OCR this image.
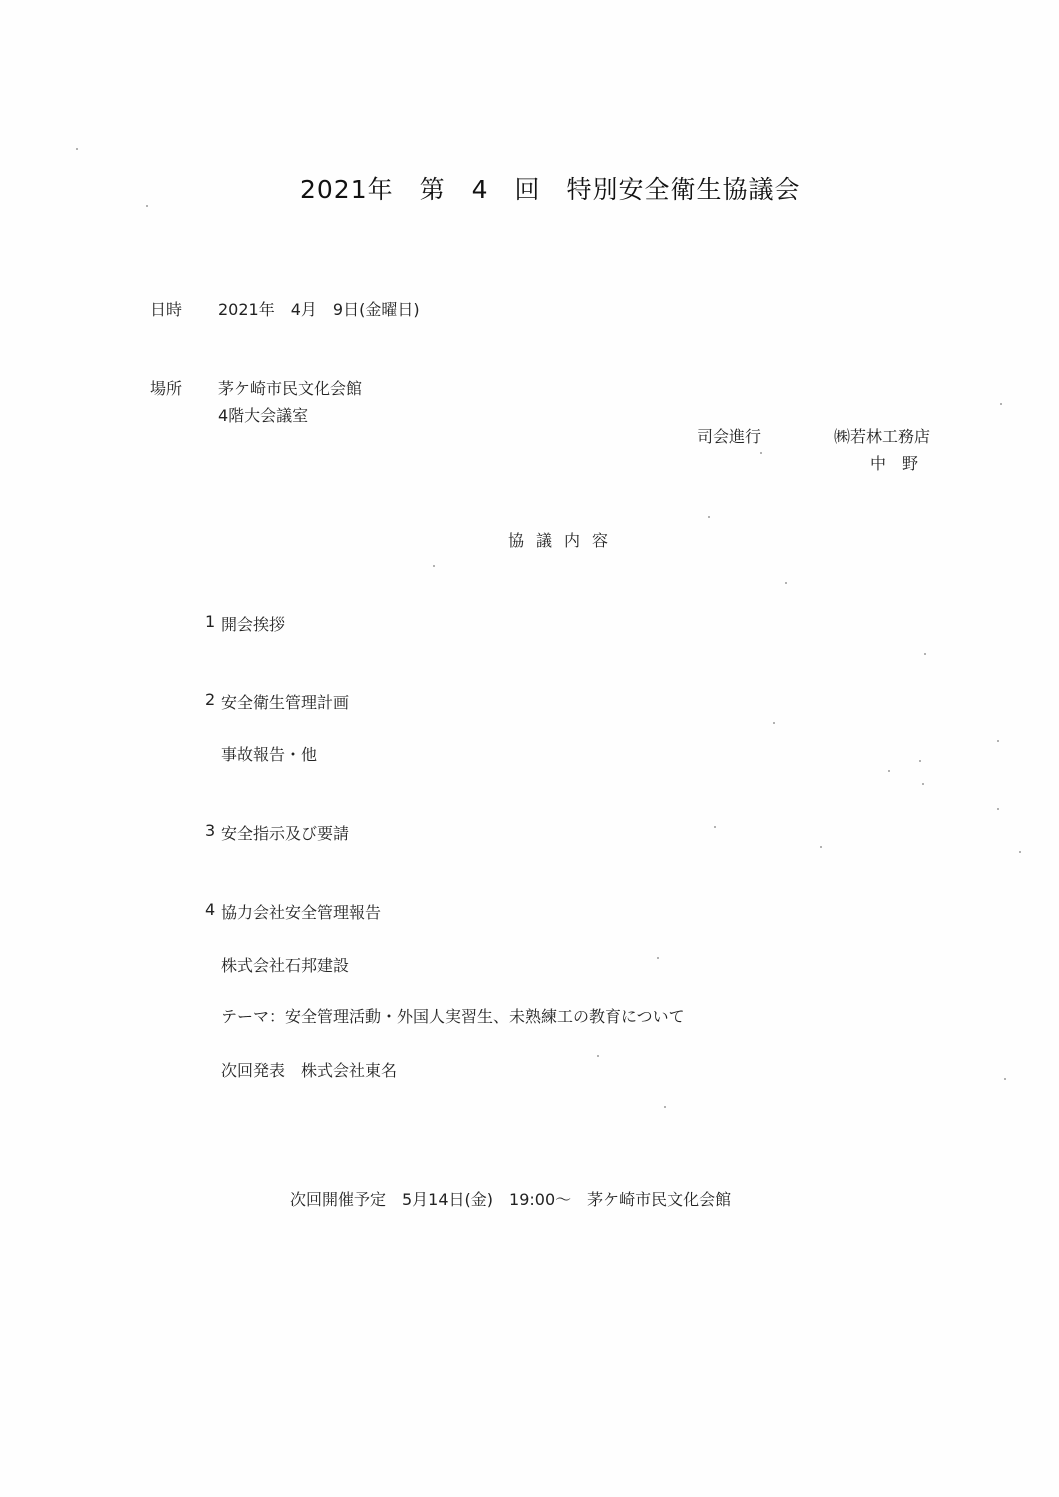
2021年　第　4　回　特別安全衛生協議会
日時 2021年　4月　9日(金曜日)
場所 茅ケ崎市民文化会館
4階大会議室
司会進行	㈱若林工務店
中　野
協議内容
1 開会挨拶
2 安全衛生管理計画
事故報告・他
3 安全指示及び要請
4 協力会社安全管理報告
株式会社石邦建設
テーマ：安全管理活動・外国人実習生、未熟練工の教育について
次回発表　株式会社東名
次回開催予定　5月14日(金)　19:00～　茅ケ崎市民文化会館
